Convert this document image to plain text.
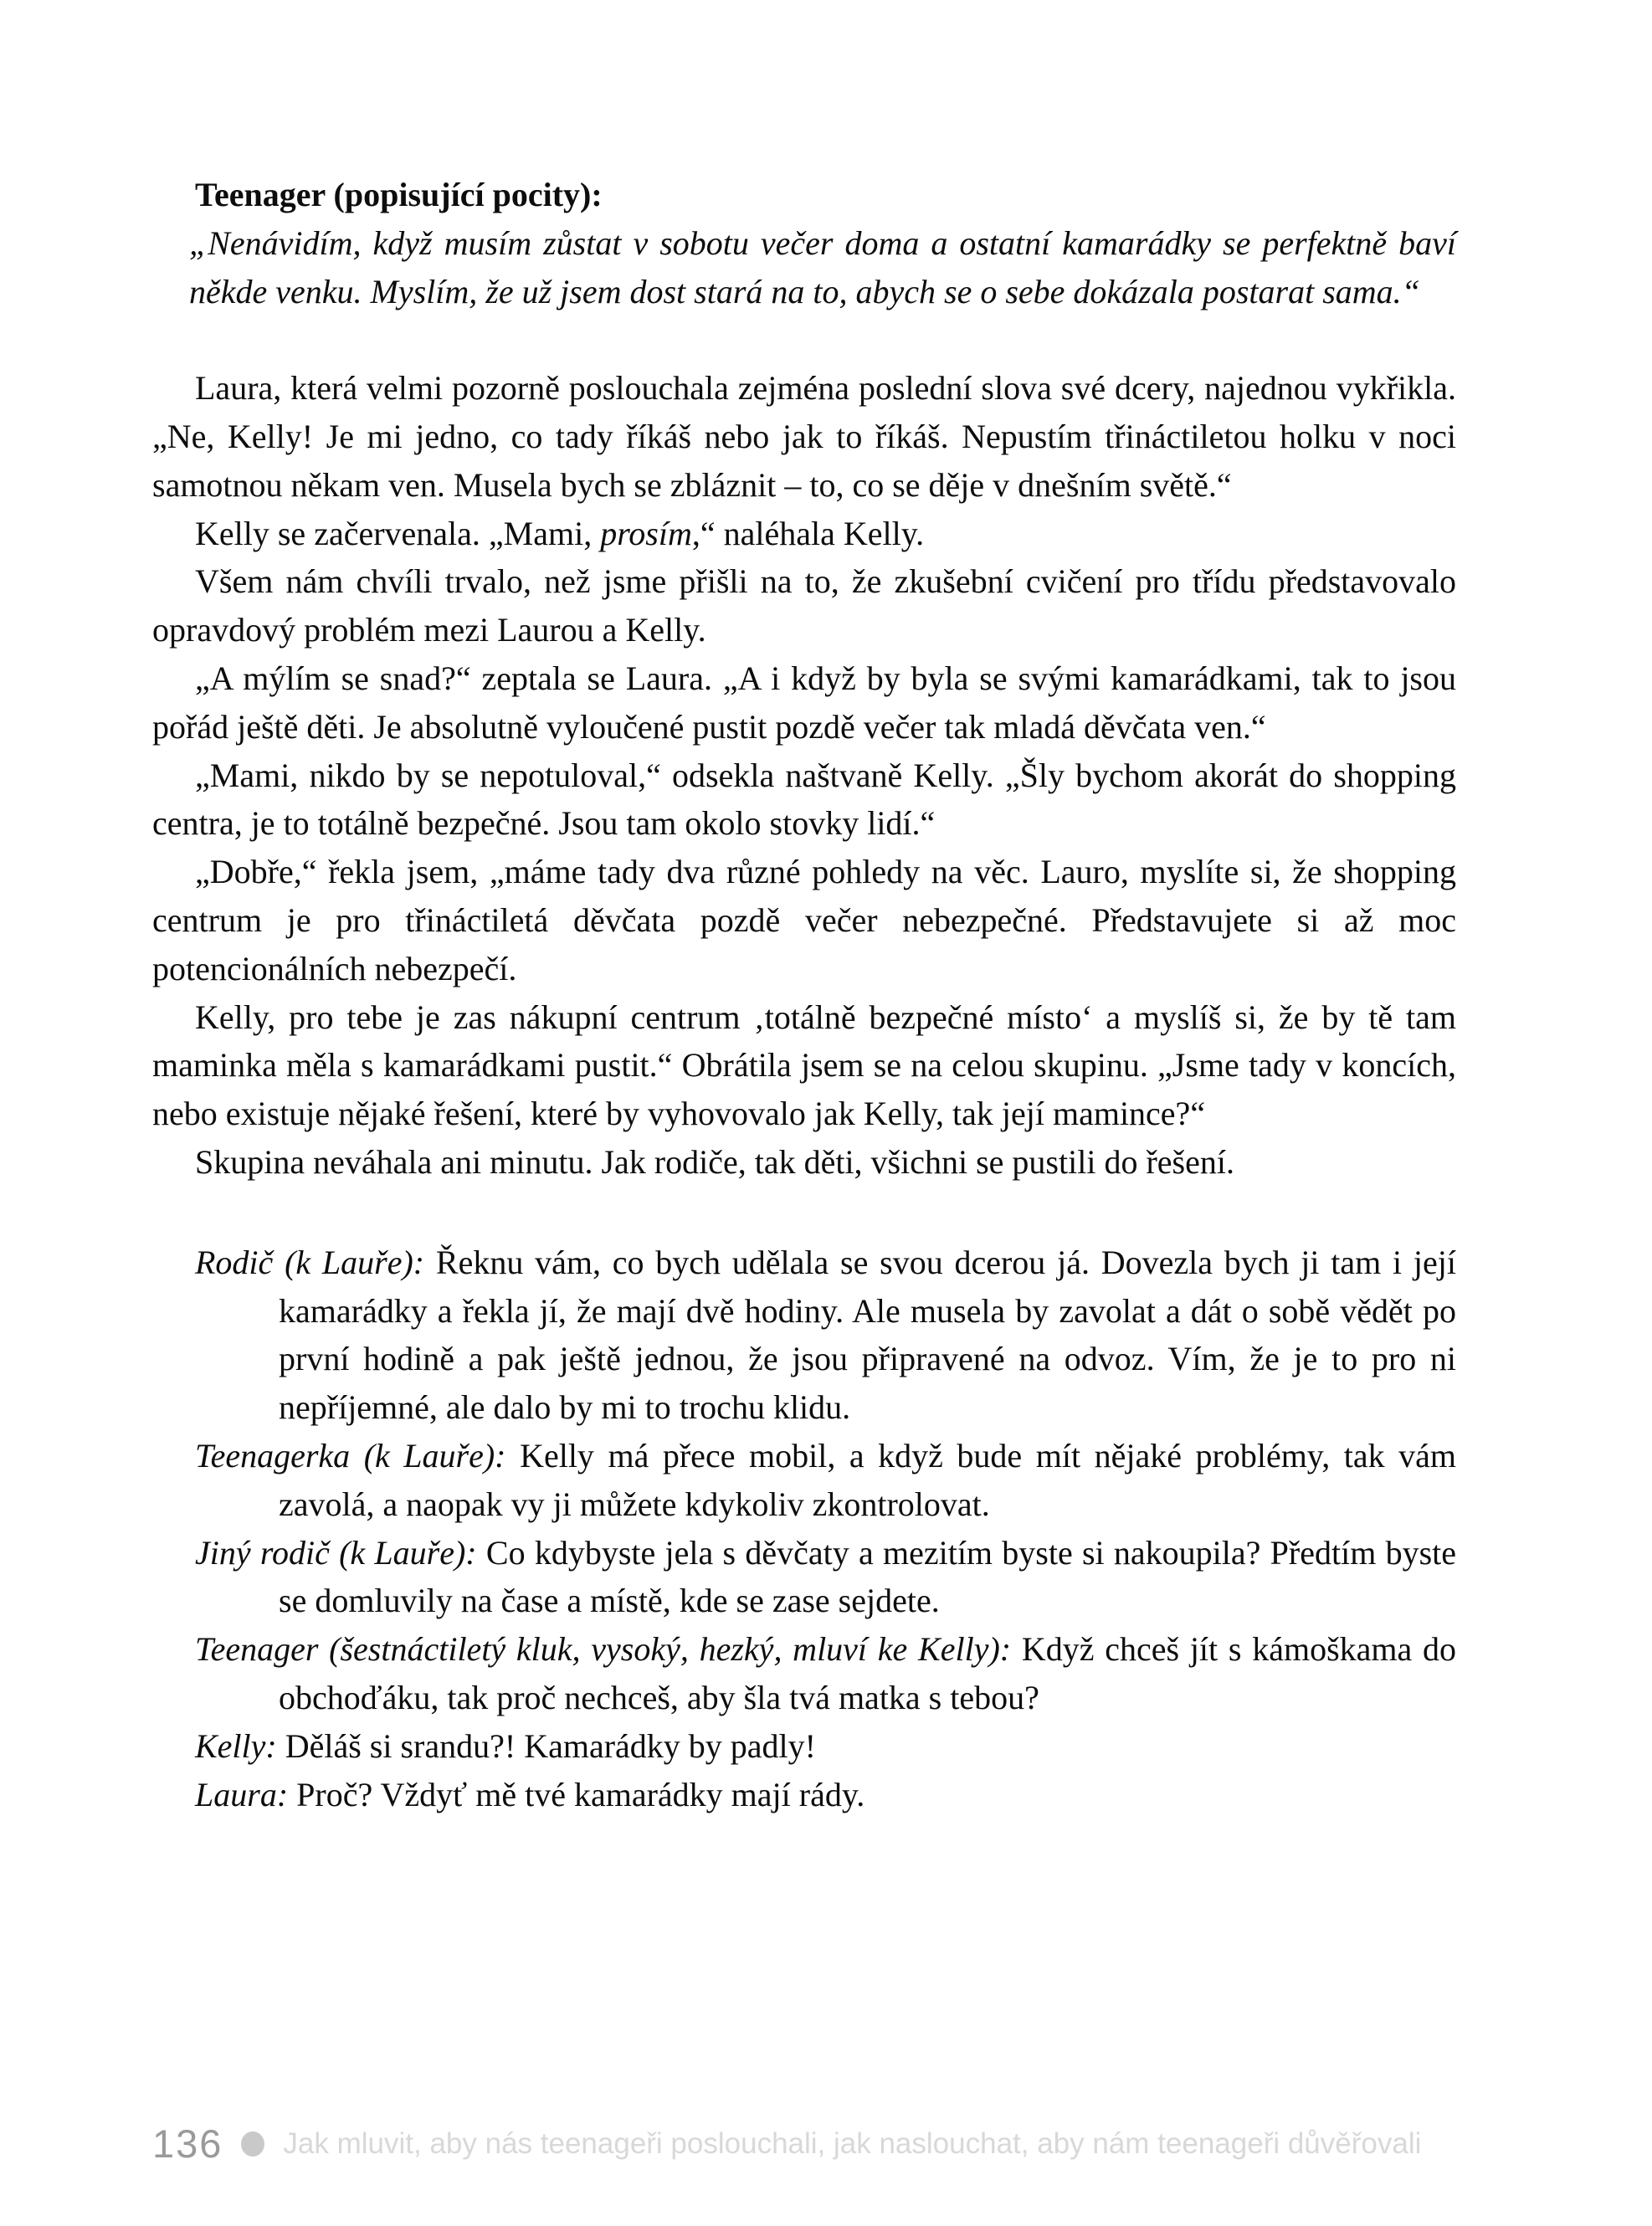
Teenager (popisující pocity):

„Nenávidím, když musím zůstat v sobotu večer doma a ostatní kamarádky se perfektně baví někde venku. Myslím, že už jsem dost stará na to, abych se o sebe dokázala postarat sama.“

Laura, která velmi pozorně poslouchala zejména poslední slova své dcery, najednou vykřikla. „Ne, Kelly! Je mi jedno, co tady říkáš nebo jak to říkáš. Nepustím třináctiletou holku v noci samotnou někam ven. Musela bych se zbláznit – to, co se děje v dnešním světě.“

Kelly se začervenala. „Mami, prosím,“ naléhala Kelly.

Všem nám chvíli trvalo, než jsme přišli na to, že zkušební cvičení pro třídu představovalo opravdový problém mezi Laurou a Kelly.

„A mýlím se snad?“ zeptala se Laura. „A i když by byla se svými kamarádkami, tak to jsou pořád ještě děti. Je absolutně vyloučené pustit pozdě večer tak mladá děvčata ven.“

„Mami, nikdo by se nepotuloval,“ odsekla naštvaně Kelly. „Šly bychom akorát do shopping centra, je to totálně bezpečné. Jsou tam okolo stovky lidí.“

„Dobře,“ řekla jsem, „máme tady dva různé pohledy na věc. Lauro, myslíte si, že shopping centrum je pro třináctiletá děvčata pozdě večer nebezpečné. Představujete si až moc potencionálních nebezpečí.

Kelly, pro tebe je zas nákupní centrum ‚totálně bezpečné místo‘ a myslíš si, že by tě tam maminka měla s kamarádkami pustit.“ Obrátila jsem se na celou skupinu. „Jsme tady v koncích, nebo existuje nějaké řešení, které by vyhovovalo jak Kelly, tak její mamince?“

Skupina neváhala ani minutu. Jak rodiče, tak děti, všichni se pustili do řešení.

Rodič (k Lauře): Řeknu vám, co bych udělala se svou dcerou já. Dovezla bych ji tam i její kamarádky a řekla jí, že mají dvě hodiny. Ale musela by zavolat a dát o sobě vědět po první hodině a pak ještě jednou, že jsou připravené na odvoz. Vím, že je to pro ni nepříjemné, ale dalo by mi to trochu klidu.

Teenagerka (k Lauře): Kelly má přece mobil, a když bude mít nějaké problémy, tak vám zavolá, a naopak vy ji můžete kdykoliv zkontrolovat.

Jiný rodič (k Lauře): Co kdybyste jela s děvčaty a mezitím byste si nakoupila? Předtím byste se domluvily na čase a místě, kde se zase sejdete.

Teenager (šestnáctiletý kluk, vysoký, hezký, mluví ke Kelly): Když chceš jít s kámoškama do obchoďáku, tak proč nechceš, aby šla tvá matka s tebou?

Kelly: Děláš si srandu?! Kamarádky by padly!

Laura: Proč? Vždyť mě tvé kamarádky mají rády.

136 Jak mluvit, aby nás teenageři poslouchali, jak naslouchat, aby nám teenageři důvěřovali
